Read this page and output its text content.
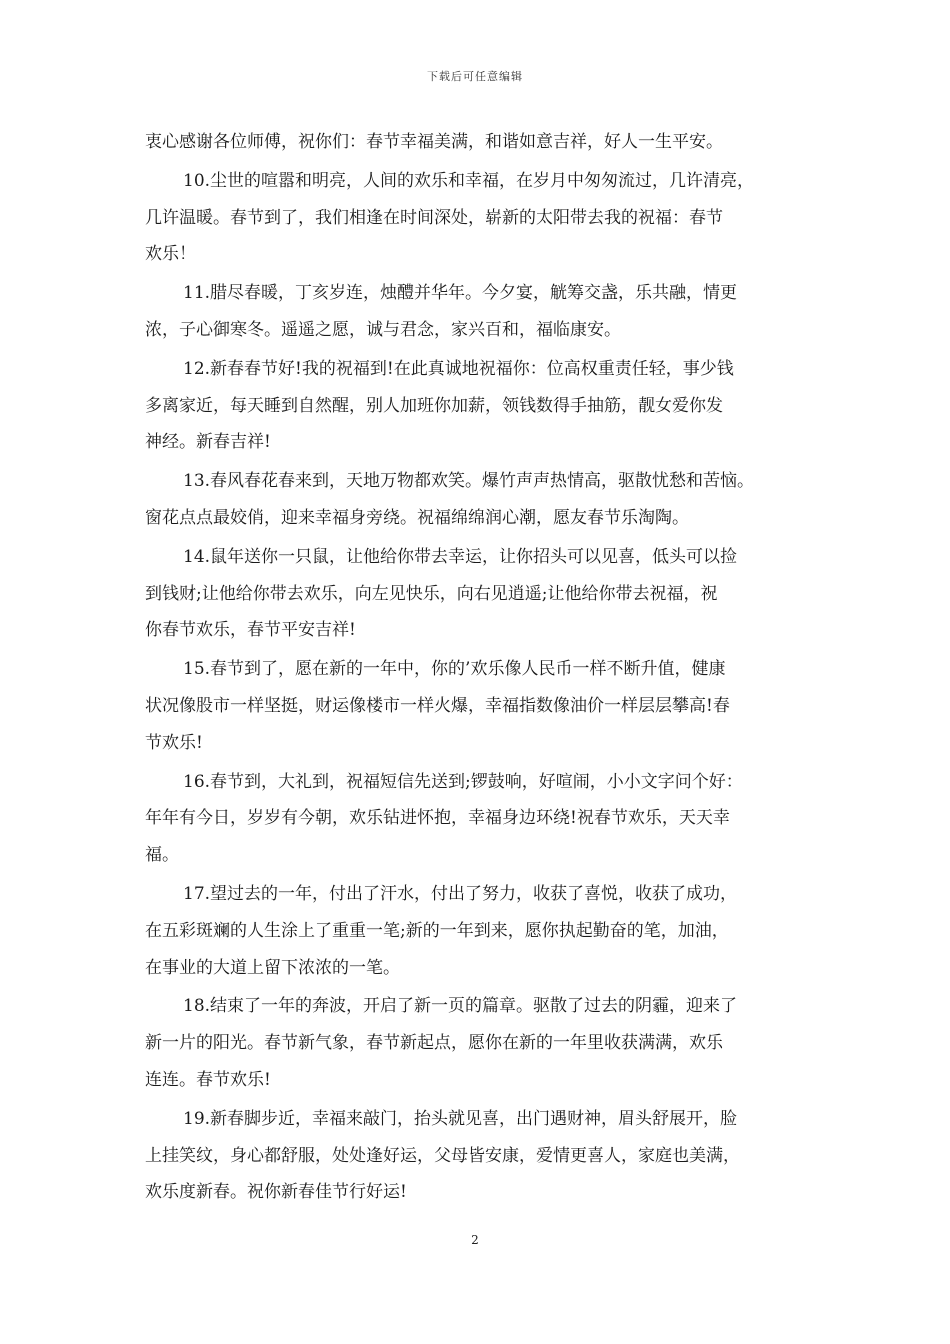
下载后可任意编辑
衷心感谢各位师傅，祝你们：春节幸福美满，和谐如意吉祥，好人一生平安。
10.尘世的喧嚣和明亮，人间的欢乐和幸福，在岁月中匆匆流过，几许清亮，
几许温暖。春节到了，我们相逢在时间深处，崭新的太阳带去我的祝福：春节
欢乐！
11.腊尽春暖，丁亥岁连，烛醴并华年。今夕宴，觥筹交盏，乐共融，情更
浓，子心御寒冬。遥遥之愿，诚与君念，家兴百和，福临康安。
12.新春春节好!我的祝福到!在此真诚地祝福你：位高权重责任轻，事少钱
多离家近，每天睡到自然醒，别人加班你加薪，领钱数得手抽筋，靓女爱你发
神经。新春吉祥!
13.春风春花春来到，天地万物都欢笑。爆竹声声热情高，驱散忧愁和苦恼。
窗花点点最姣俏，迎来幸福身旁绕。祝福绵绵润心潮，愿友春节乐淘陶。
14.鼠年送你一只鼠，让他给你带去幸运，让你招头可以见喜，低头可以捡
到钱财;让他给你带去欢乐，向左见快乐，向右见逍遥;让他给你带去祝福，祝
你春节欢乐，春节平安吉祥!
15.春节到了，愿在新的一年中，你的’欢乐像人民币一样不断升值，健康
状况像股市一样坚挺，财运像楼市一样火爆，幸福指数像油价一样层层攀高!春
节欢乐!
16.春节到，大礼到，祝福短信先送到;锣鼓响，好喧闹，小小文字问个好：
年年有今日，岁岁有今朝，欢乐钻进怀抱，幸福身边环绕!祝春节欢乐，天天幸
福。
17.望过去的一年，付出了汗水，付出了努力，收获了喜悦，收获了成功，
在五彩斑斓的人生涂上了重重一笔;新的一年到来，愿你执起勤奋的笔，加油，
在事业的大道上留下浓浓的一笔。
18.结束了一年的奔波，开启了新一页的篇章。驱散了过去的阴霾，迎来了
新一片的阳光。春节新气象，春节新起点，愿你在新的一年里收获满满，欢乐
连连。春节欢乐!
19.新春脚步近，幸福来敲门，抬头就见喜，出门遇财神，眉头舒展开，脸
上挂笑纹，身心都舒服，处处逢好运，父母皆安康，爱情更喜人，家庭也美满，
欢乐度新春。祝你新春佳节行好运!
2
